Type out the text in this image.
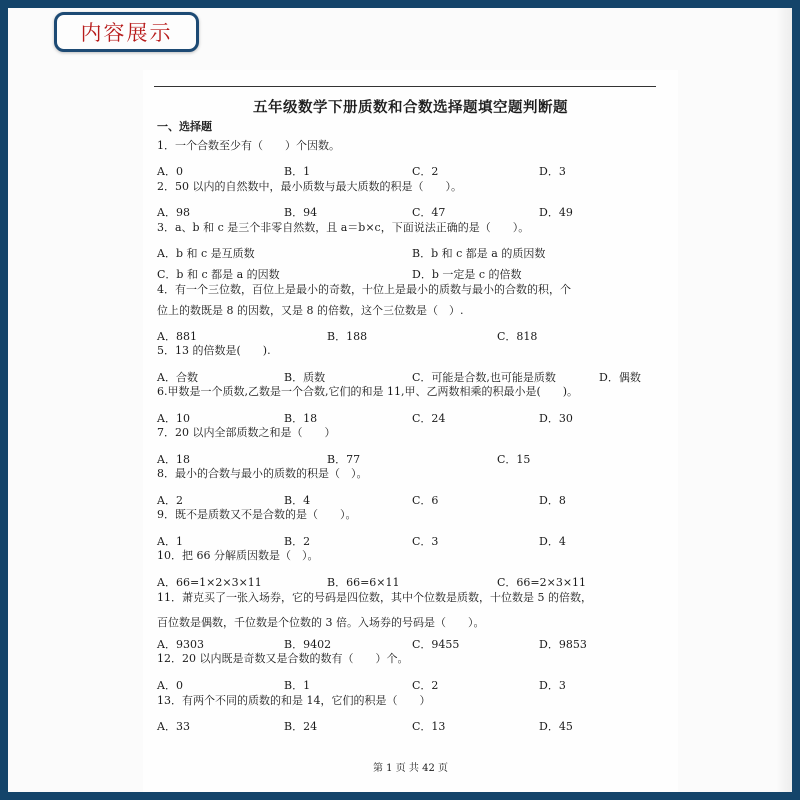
内容展示
五年级数学下册质数和合数选择题填空题判断题
一、选择题
1．一个合数至少有（　　）个因数。
A．0	B．1	C．2	D．3
2．50 以内的自然数中，最小质数与最大质数的积是（　　）。
A．98	B．94	C．47	D．49
3．a、b 和 c 是三个非零自然数，且 a＝b×c，下面说法正确的是（　　）。
A．b 和 c 是互质数	B．b 和 c 都是 a 的质因数
C．b 和 c 都是 a 的因数	D．b 一定是 c 的倍数
4．有一个三位数，百位上是最小的奇数，十位上是最小的质数与最小的合数的积，个
位上的数既是 8 的因数，又是 8 的倍数，这个三位数是（　）.
A．881	B．188	C．818
5．13 的倍数是(　　).
A．合数	B．质数	C．可能是合数,也可能是质数	D．偶数
6.甲数是一个质数,乙数是一个合数,它们的和是 11,甲、乙两数相乘的积最小是(　　)。
A．10	B．18	C．24	D．30
7．20 以内全部质数之和是（　　）
A．18	B．77	C．15
8．最小的合数与最小的质数的积是（　）。
A．2	B．4	C．6	D．8
9．既不是质数又不是合数的是（　　）。
A．1	B．2	C．3	D．4
10．把 66 分解质因数是（　）。
A．66=1×2×3×11	B．66=6×11	C．66=2×3×11
11．萧克买了一张入场券，它的号码是四位数，其中个位数是质数，十位数是 5 的倍数，
百位数是偶数，千位数是个位数的 3 倍。入场券的号码是（　　）。
A．9303	B．9402	C．9455	D．9853
12．20 以内既是奇数又是合数的数有（　　）个。
A．0	B．1	C．2	D．3
13．有两个不同的质数的和是 14，它们的积是（　　）
A．33	B．24	C．13	D．45
第 1 页 共 42 页
